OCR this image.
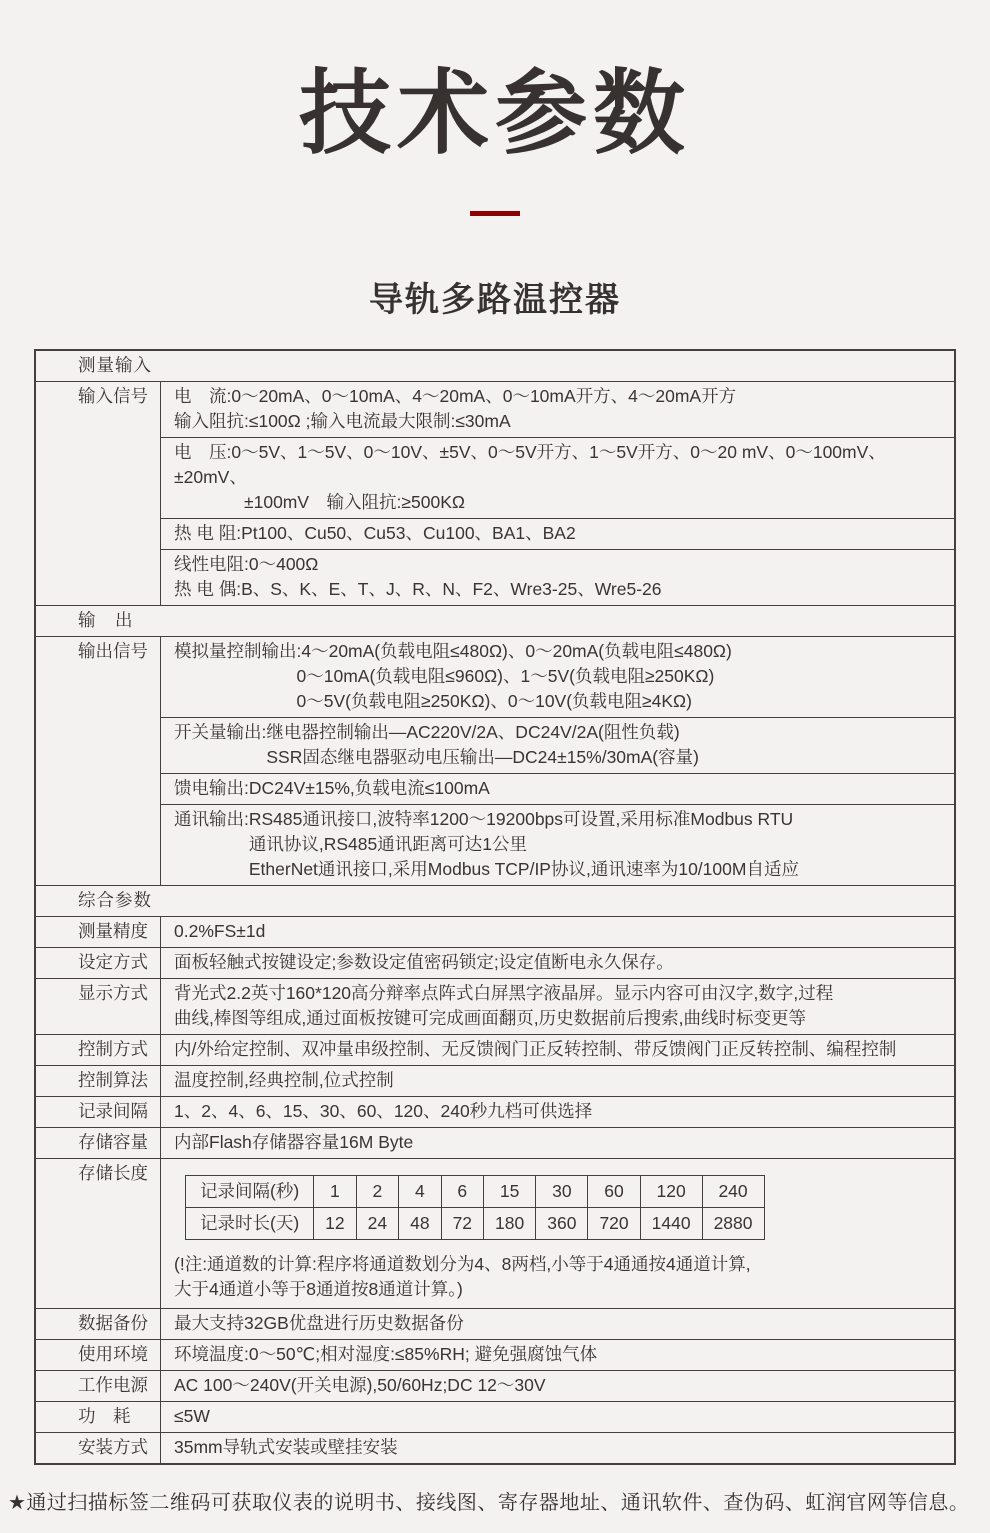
技术参数
导轨多路温控器
测量输入
输入信号	电　流:0～20mA、0～10mA、4～20mA、0～10mA开方、4～20mA开方
输入阻抗:≤100Ω ;输入电流最大限制:≤30mA
电　压:0～5V、1～5V、0～10V、±5V、0～5V开方、1～5V开方、0～20 mV、0～100mV、±20mV、
　　　　±100mV　输入阻抗:≥500KΩ
热 电 阻:Pt100、Cu50、Cu53、Cu100、BA1、BA2
线性电阻:0～400Ω
热 电 偶:B、S、K、E、T、J、R、N、F2、Wre3-25、Wre5-26
输　出
输出信号	模拟量控制输出:4～20mA(负载电阻≤480Ω)、0～20mA(负载电阻≤480Ω)
　　　　　　　0～10mA(负载电阻≤960Ω)、1～5V(负载电阻≥250KΩ)
　　　　　　　0～5V(负载电阻≥250KΩ)、0～10V(负载电阻≥4KΩ)
开关量输出:继电器控制输出—AC220V/2A、DC24V/2A(阻性负载)
　　　　　 SSR固态继电器驱动电压输出—DC24±15%/30mA(容量)
馈电输出:DC24V±15%,负载电流≤100mA
通讯输出:RS485通讯接口,波特率1200～19200bps可设置,采用标准Modbus RTU
　　　　 通讯协议,RS485通讯距离可达1公里
　　　　 EtherNet通讯接口,采用Modbus TCP/IP协议,通讯速率为10/100M自适应
综合参数
测量精度	0.2%FS±1d
设定方式	面板轻触式按键设定;参数设定值密码锁定;设定值断电永久保存。
显示方式	背光式2.2英寸160*120高分辩率点阵式白屏黑字液晶屏。显示内容可由汉字,数字,过程
曲线,棒图等组成,通过面板按键可完成画面翻页,历史数据前后搜索,曲线时标变更等
控制方式	内/外给定控制、双冲量串级控制、无反馈阀门正反转控制、带反馈阀门正反转控制、编程控制
控制算法	温度控制,经典控制,位式控制
记录间隔	1、2、4、6、15、30、60、120、240秒九档可供选择
存储容量	内部Flash存储器容量16M Byte
存储长度
记录间隔(秒)	1	2	4	6	15	30	60	120	240
记录时长(天)	12	24	48	72	180	360	720	1440	2880
(!注:通道数的计算:程序将通道数划分为4、8两档,小等于4通通按4通道计算,
大于4通道小等于8通道按8通道计算。)
数据备份	最大支持32GB优盘进行历史数据备份
使用环境	环境温度:0～50℃;相对湿度:≤85%RH; 避免强腐蚀气体
工作电源	AC 100～240V(开关电源),50/60Hz;DC 12～30V
功　耗	≤5W
安装方式	35mm导轨式安装或壁挂安装
★通过扫描标签二维码可获取仪表的说明书、接线图、寄存器地址、通讯软件、查伪码、虹润官网等信息。
